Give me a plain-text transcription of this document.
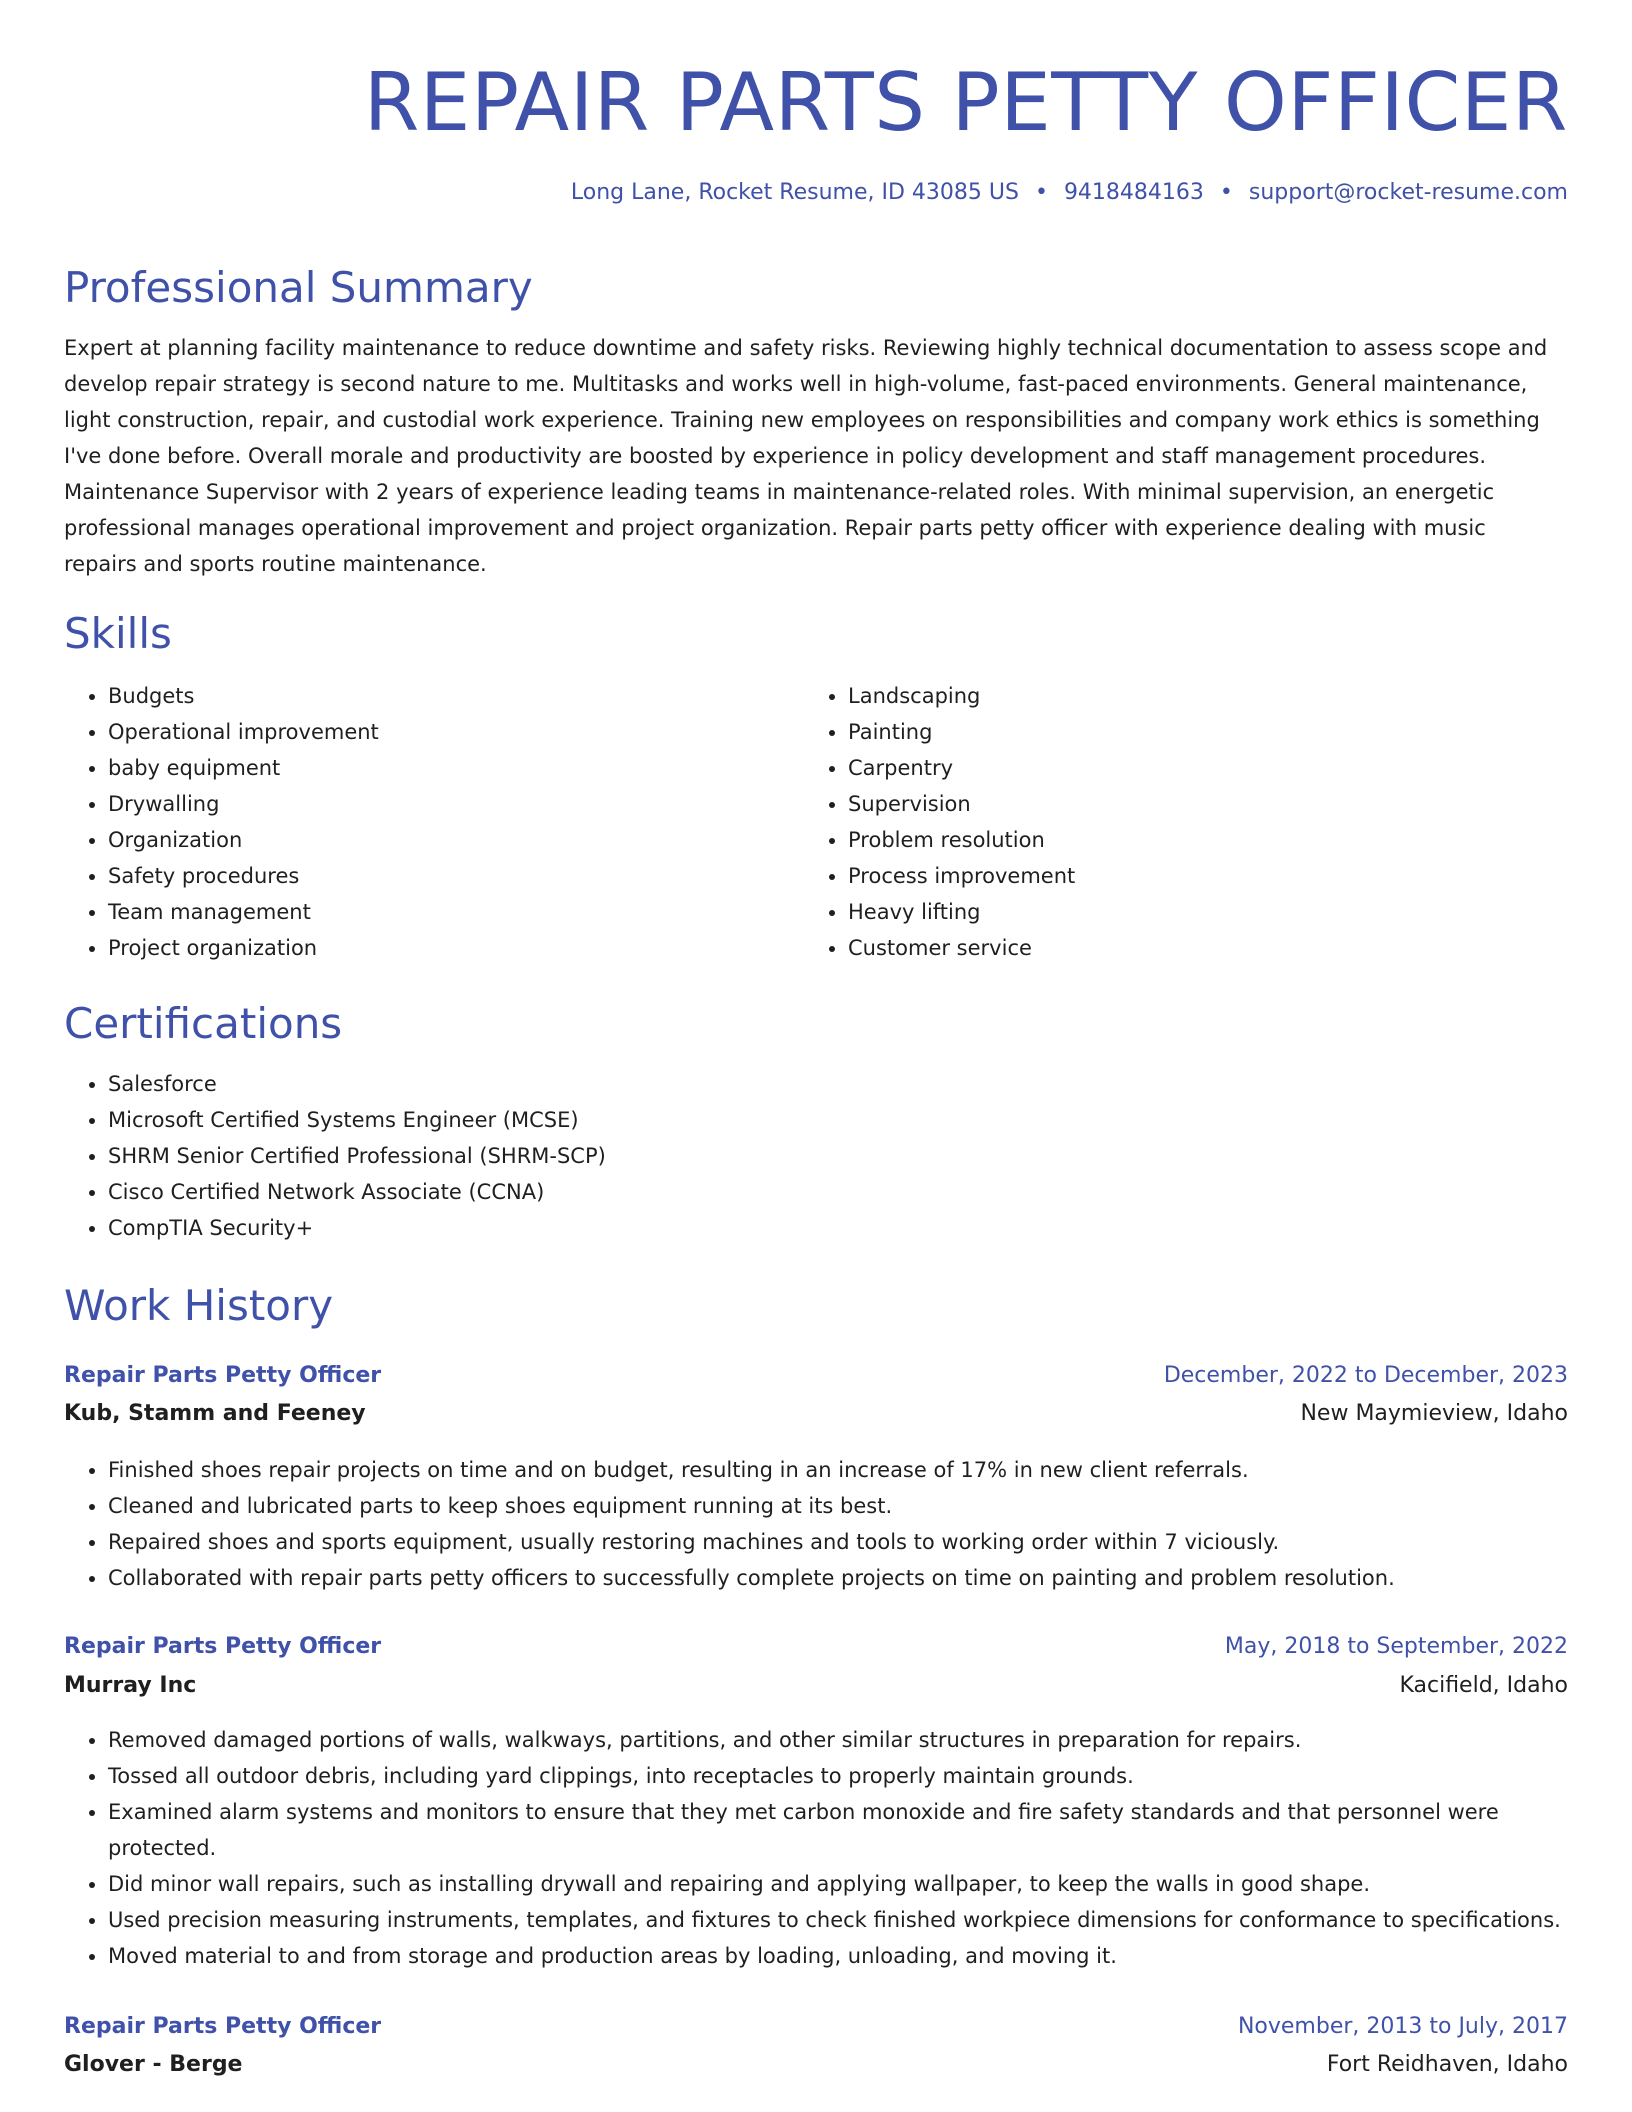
REPAIR PARTS PETTY OFFICER
Long Lane, Rocket Resume, ID 43085 US • 9418484163 • support@rocket-resume.com
Professional Summary

Expert at planning facility maintenance to reduce downtime and safety risks. Reviewing highly technical documentation to assess scope and develop repair strategy is second nature to me. Multitasks and works well in high-volume, fast-paced environments. General maintenance, light construction, repair, and custodial work experience. Training new employees on responsibilities and company work ethics is something I've done before. Overall morale and productivity are boosted by experience in policy development and staff management procedures. Maintenance Supervisor with 2 years of experience leading teams in maintenance-related roles. With minimal supervision, an energetic professional manages operational improvement and project organization. Repair parts petty officer with experience dealing with music repairs and sports routine maintenance.

Skills
• Budgets
• Operational improvement
• baby equipment
• Drywalling
• Organization
• Safety procedures
• Team management
• Project organization
• Landscaping
• Painting
• Carpentry
• Supervision
• Problem resolution
• Process improvement
• Heavy lifting
• Customer service
Certifications
• Salesforce
• Microsoft Certified Systems Engineer (MCSE)
• SHRM Senior Certified Professional (SHRM-SCP)
• Cisco Certified Network Associate (CCNA)
• CompTIA Security+
Work History
Repair Parts Petty Officer	December, 2022 to December, 2023
Kub, Stamm and Feeney	New Maymieview, Idaho
• Finished shoes repair projects on time and on budget, resulting in an increase of 17% in new client referrals.
• Cleaned and lubricated parts to keep shoes equipment running at its best.
• Repaired shoes and sports equipment, usually restoring machines and tools to working order within 7 viciously.
• Collaborated with repair parts petty officers to successfully complete projects on time on painting and problem resolution.
Repair Parts Petty Officer	May, 2018 to September, 2022
Murray Inc	Kacifield, Idaho
• Removed damaged portions of walls, walkways, partitions, and other similar structures in preparation for repairs.
• Tossed all outdoor debris, including yard clippings, into receptacles to properly maintain grounds.
• Examined alarm systems and monitors to ensure that they met carbon monoxide and fire safety standards and that personnel were protected.
• Did minor wall repairs, such as installing drywall and repairing and applying wallpaper, to keep the walls in good shape.
• Used precision measuring instruments, templates, and fixtures to check finished workpiece dimensions for conformance to specifications.
• Moved material to and from storage and production areas by loading, unloading, and moving it.
Repair Parts Petty Officer	November, 2013 to July, 2017
Glover - Berge	Fort Reidhaven, Idaho
